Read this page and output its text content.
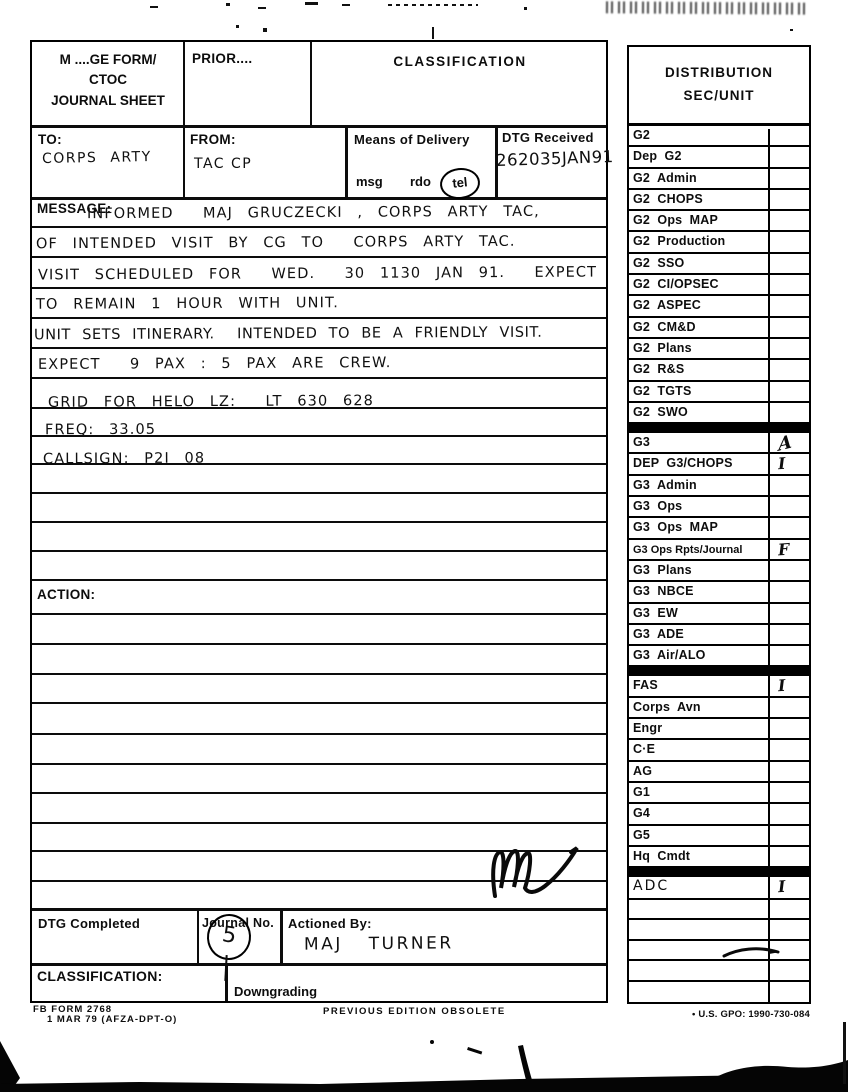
M ....GE FORM/
CTOC
JOURNAL SHEET
PRIOR....	CLASSIFICATION
TO:
CORPS ARTY
FROM:
TAC CP
Means of Delivery
msg rdo	tel
DTG Received
262035JAN91
MESSAGE:
INFORMED  MAJ GRUCZECKI , CORPS ARTY TAC,
OF INTENDED VISIT BY CG TO  CORPS ARTY TAC.
VISIT SCHEDULED FOR  WED.  30 1130 JAN 91.  EXPECT
TO REMAIN 1 HOUR WITH UNIT.
UNIT SETS ITINERARY.  INTENDED TO BE A FRIENDLY VISIT.
EXPECT  9 PAX : 5 PAX ARE CREW.
GRID FOR HELO LZ:  LT 630 628
FREQ: 33.05
CALLSIGN: P2I 08
ACTION:
DTG Completed	Journal No.
5	Actioned By:
MAJ TURNER
CLASSIFICATION:
Downgrading
FB FORM 2768
1 MAR 79 (AFZA-DPT-O)
PREVIOUS EDITION OBSOLETE	• U.S. GPO: 1990-730-084
DISTRIBUTION
SEC/UNIT
G2
Dep  G2
G2  Admin
G2  CHOPS
G2  Ops  MAP
G2  Production
G2  SSO
G2  CI/OPSEC
G2  ASPEC
G2  CM&D
G2  Plans
G2  R&S
G2  TGTS
G2  SWO
G3	A
DEP  G3/CHOPS	I
G3  Admin
G3  Ops
G3  Ops  MAP
G3 Ops Rpts/Journal F
G3  Plans
G3  NBCE
G3  EW
G3  ADE
G3  Air/ALO
FAS	I
Corps  Avn
Engr
C·E
AG
G1
G4
G5
Hq  Cmdt
ADC	I
